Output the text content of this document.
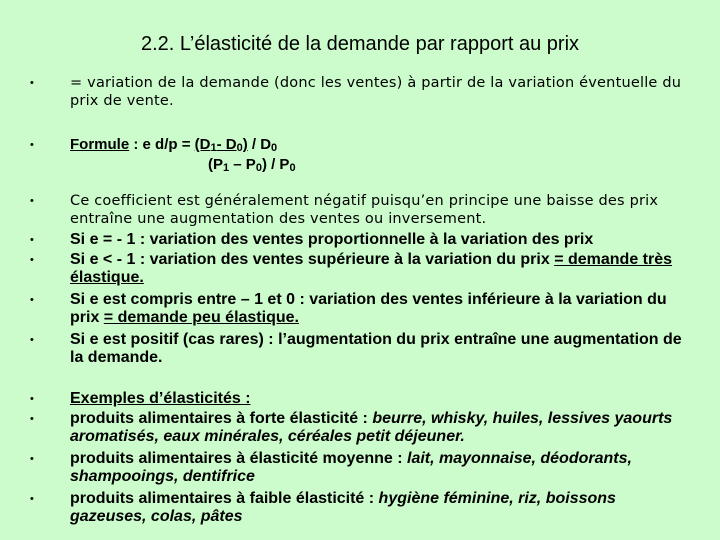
2.2. L’élasticité de la demande par rapport au prix
•	= variation de la demande (donc les ventes) à partir de la variation éventuelle du prix de vente.
•	Formule : e $d/p = (D_1-$ $D_0) / D_0$
$(P_1 - P_0) / P_0$
•	Ce coefficient est généralement négatif puisqu’en principe une baisse des prix entraîne une augmentation des ventes ou inversement.
•	Si e = - 1 : variation des ventes proportionnelle à la variation des prix
•	Si e < - 1 : variation des ventes supérieure à la variation du prix = demande très élastique.
•	Si e est compris entre – 1 et 0 : variation des ventes inférieure à la variation du prix = demande peu élastique.
•	Si e est positif (cas rares) : l’augmentation du prix entraîne une augmentation de la demande.
•	Exemples d’élasticités :
•	produits alimentaires à forte élasticité : beurre, whisky, huiles, lessives yaourts aromatisés, eaux minérales, céréales petit déjeuner.
•	produits alimentaires à élasticité moyenne : lait, mayonnaise, déodorants, shampooings, dentifrice
•	produits alimentaires à faible élasticité : hygiène féminine, riz, boissons gazeuses, colas, pâtes
